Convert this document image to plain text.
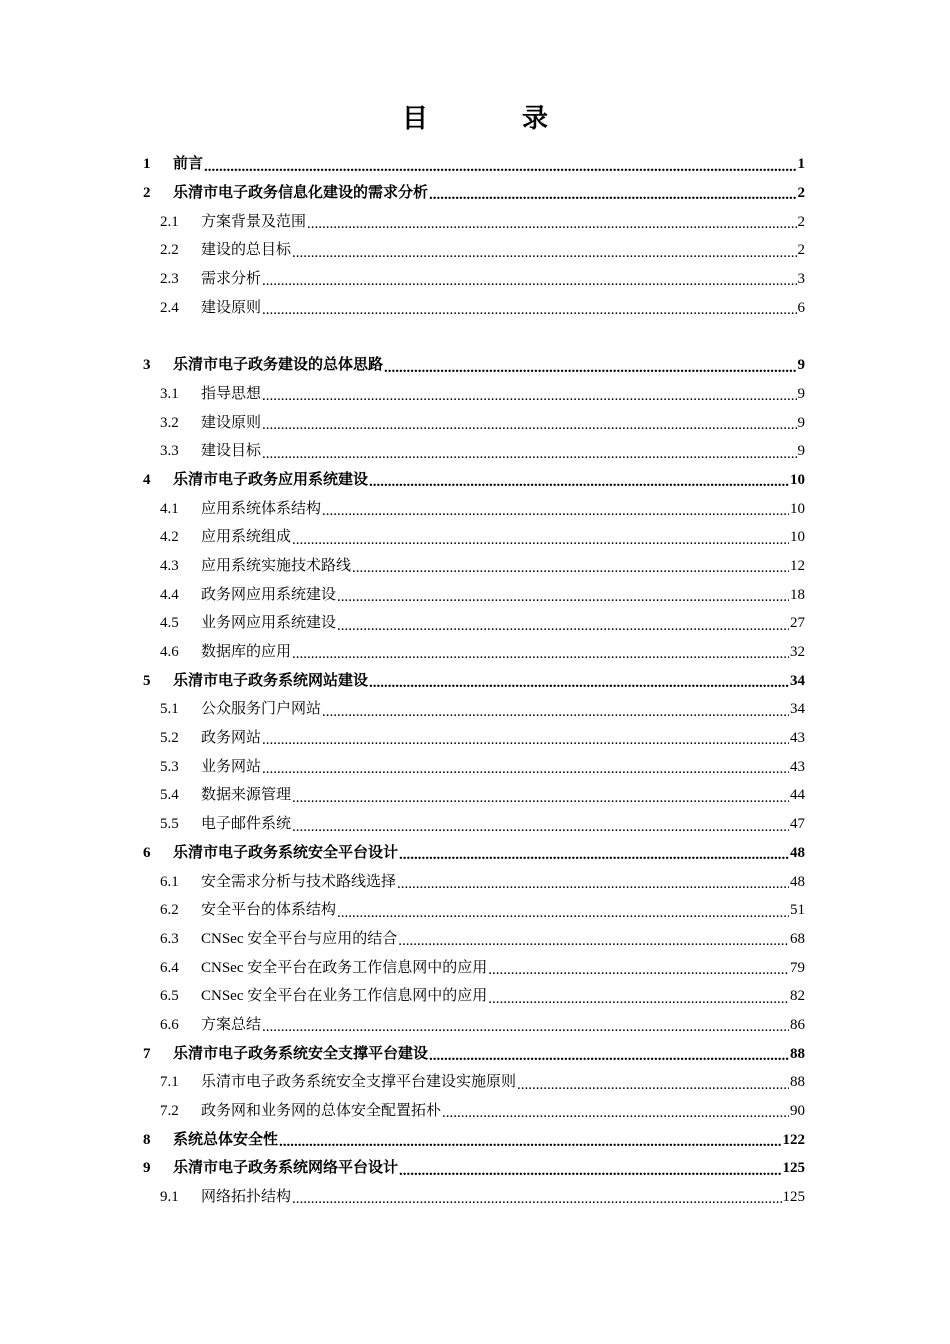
目　录
1	前言 .....	1
2	乐清市电子政务信息化建设的需求分析 .....	2
2.1	方案背景及范围 .....	2
2.2	建设的总目标 .....	2
2.3	需求分析 .....	3
2.4	建设原则 .....	6
3	乐清市电子政务建设的总体思路 .....	9
3.1	指导思想 .....	9
3.2	建设原则 .....	9
3.3	建设目标 .....	9
4	乐清市电子政务应用系统建设 .....	10
4.1	应用系统体系结构 .....	10
4.2	应用系统组成 .....	10
4.3	应用系统实施技术路线 .....	12
4.4	政务网应用系统建设 .....	18
4.5	业务网应用系统建设 .....	27
4.6	数据库的应用 .....	32
5	乐清市电子政务系统网站建设 .....	34
5.1	公众服务门户网站 .....	34
5.2	政务网站 .....	43
5.3	业务网站 .....	43
5.4	数据来源管理 .....	44
5.5	电子邮件系统 .....	47
6	乐清市电子政务系统安全平台设计 .....	48
6.1	安全需求分析与技术路线选择 .....	48
6.2	安全平台的体系结构 .....	51
6.3	CNSec 安全平台与应用的结合 .....	68
6.4	CNSec 安全平台在政务工作信息网中的应用 .....	79
6.5	CNSec 安全平台在业务工作信息网中的应用 .....	82
6.6	方案总结 .....	86
7	乐清市电子政务系统安全支撑平台建设 .....	88
7.1	乐清市电子政务系统安全支撑平台建设实施原则 .....	88
7.2	政务网和业务网的总体安全配置拓朴 .....	90
8	系统总体安全性 .....	122
9	乐清市电子政务系统网络平台设计 .....	125
9.1	网络拓扑结构 .....	125
